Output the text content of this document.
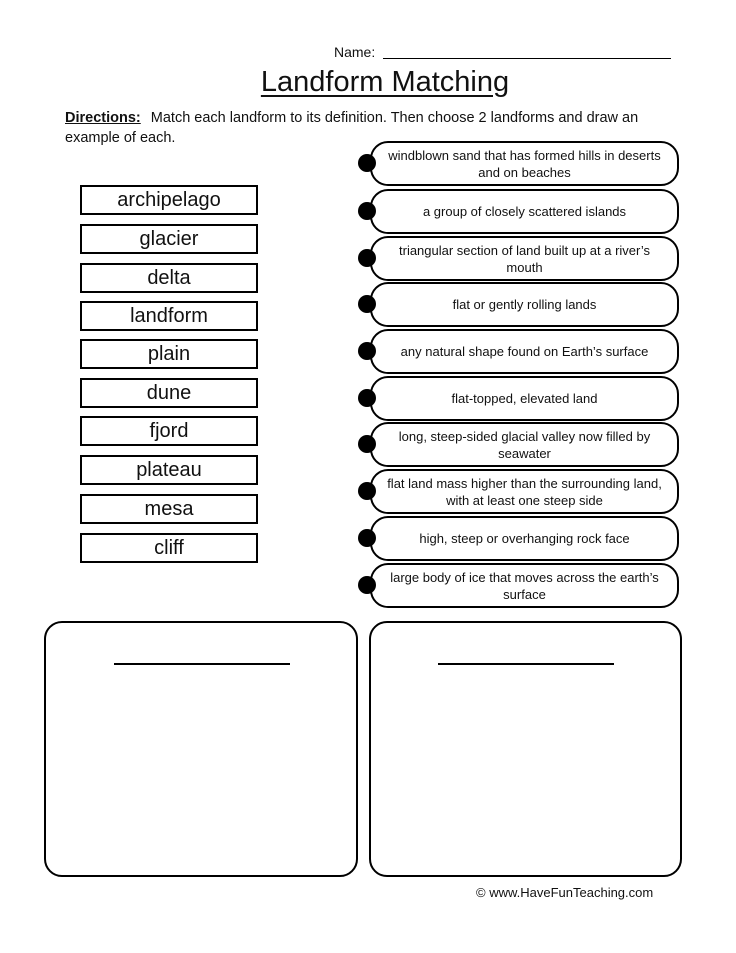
Name:
Landform Matching
Directions: Match each landform to its definition. Then choose 2 landforms and draw an example of each.
archipelago
glacier
delta
landform
plain
dune
fjord
plateau
mesa
cliff
windblown sand that has formed hills in deserts and on beaches
a group of closely scattered islands
triangular section of land built up at a river’s mouth
flat or gently rolling lands
any natural shape found on Earth’s surface
flat-topped, elevated land
long, steep-sided glacial valley now filled by seawater
flat land mass higher than the surrounding land, with at least one steep side
high, steep or overhanging rock face
large body of ice that moves across the earth’s surface
© www.HaveFunTeaching.com
